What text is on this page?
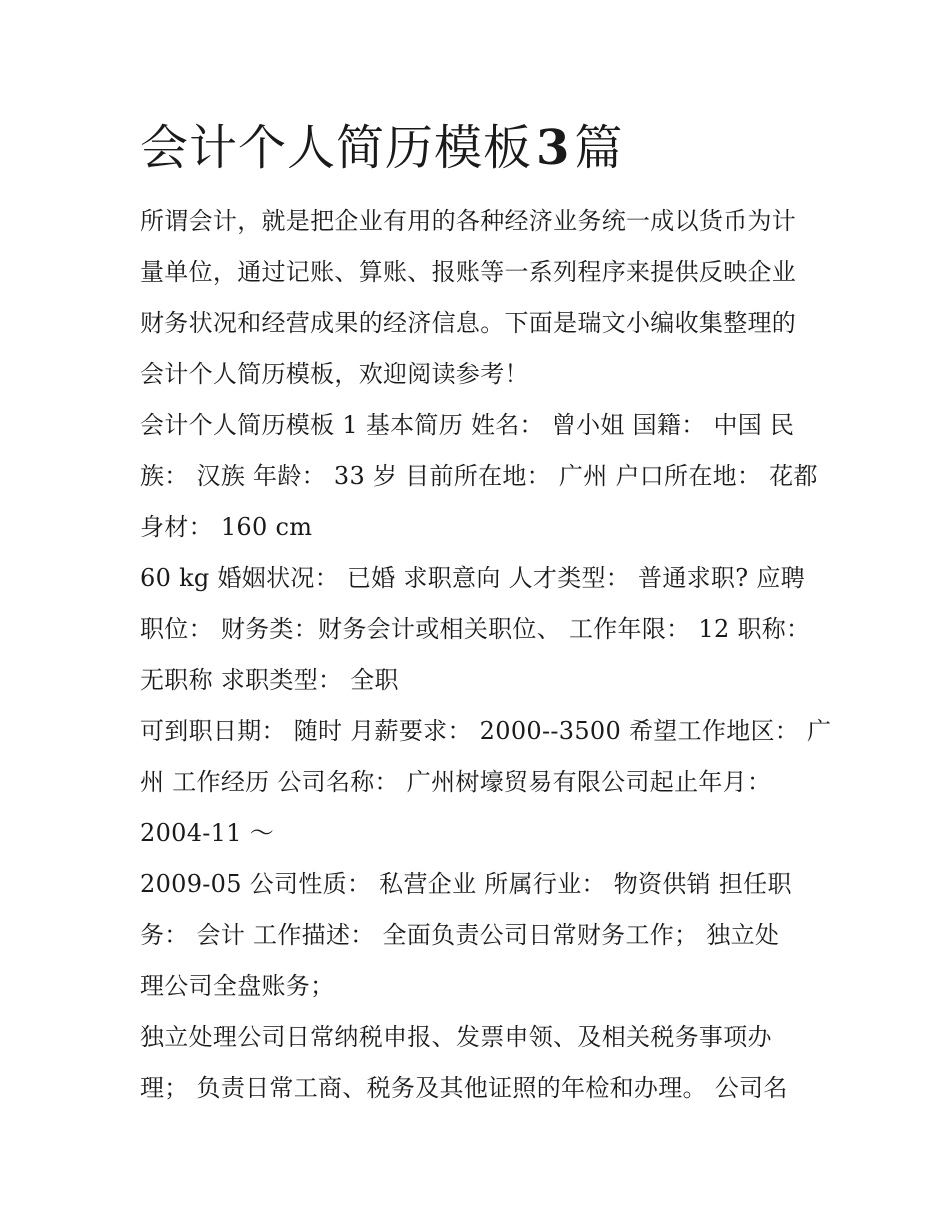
会计个人简历模板3篇

所谓会计，就是把企业有用的各种经济业务统一成以货币为计

量单位，通过记账、算账、报账等一系列程序来提供反映企业

财务状况和经营成果的经济信息。下面是瑞文小编收集整理的

会计个人简历模板，欢迎阅读参考！

会计个人简历模板 1 基本简历 姓名： 曾小姐 国籍： 中国 民

族： 汉族 年龄： 33 岁 目前所在地： 广州 户口所在地： 花都

身材： 160 cm

60 kg 婚姻状况： 已婚 求职意向 人才类型： 普通求职? 应聘

职位： 财务类：财务会计或相关职位、 工作年限： 12 职称：

无职称 求职类型： 全职

可到职日期： 随时 月薪要求： 2000--3500 希望工作地区： 广

州 工作经历 公司名称： 广州树壕贸易有限公司起止年月：

2004-11 ～

2009-05 公司性质： 私营企业 所属行业： 物资供销 担任职

务： 会计 工作描述： 全面负责公司日常财务工作； 独立处

理公司全盘账务；

独立处理公司日常纳税申报、发票申领、及相关税务事项办

理； 负责日常工商、税务及其他证照的年检和办理。 公司名
